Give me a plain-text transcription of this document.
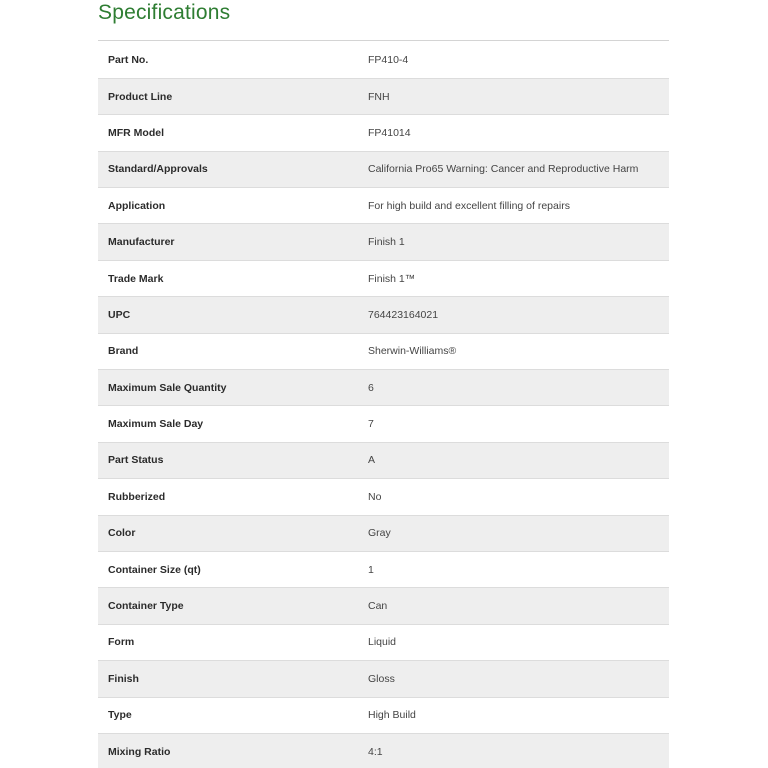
Specifications
Part No.	FP410-4
Product Line	FNH
MFR Model	FP41014
Standard/Approvals	California Pro65 Warning: Cancer and Reproductive Harm
Application	For high build and excellent filling of repairs
Manufacturer	Finish 1
Trade Mark	Finish 1™
UPC	764423164021
Brand	Sherwin-Williams®
Maximum Sale Quantity	6
Maximum Sale Day	7
Part Status	A
Rubberized	No
Color	Gray
Container Size (qt)	1
Container Type	Can
Form	Liquid
Finish	Gloss
Type	High Build
Mixing Ratio	4:1
